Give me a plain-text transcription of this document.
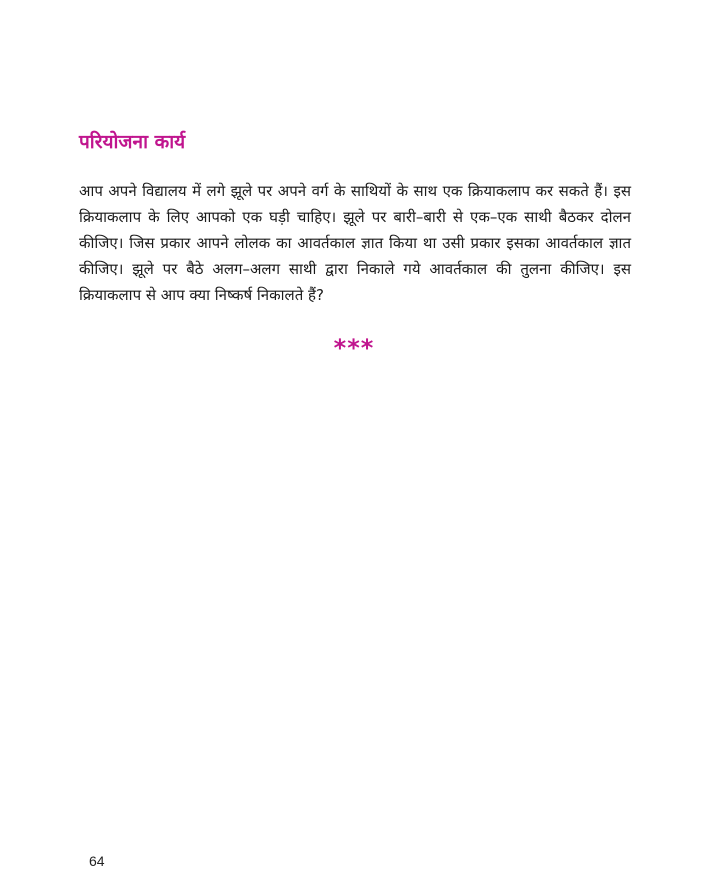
परियोजना कार्य

आप अपने विद्यालय में लगे झूले पर अपने वर्ग के साथियों के साथ एक क्रियाकलाप कर सकते हैं। इस क्रियाकलाप के लिए आपको एक घड़ी चाहिए। झूले पर बारी–बारी से एक–एक साथी बैठकर दोलन कीजिए। जिस प्रकार आपने लोलक का आवर्तकाल ज्ञात किया था उसी प्रकार इसका आवर्तकाल ज्ञात कीजिए। झूले पर बैठे अलग–अलग साथी द्वारा निकाले गये आवर्तकाल की तुलना कीजिए। इस क्रियाकलाप से आप क्या निष्कर्ष निकालते हैं?

***
64
